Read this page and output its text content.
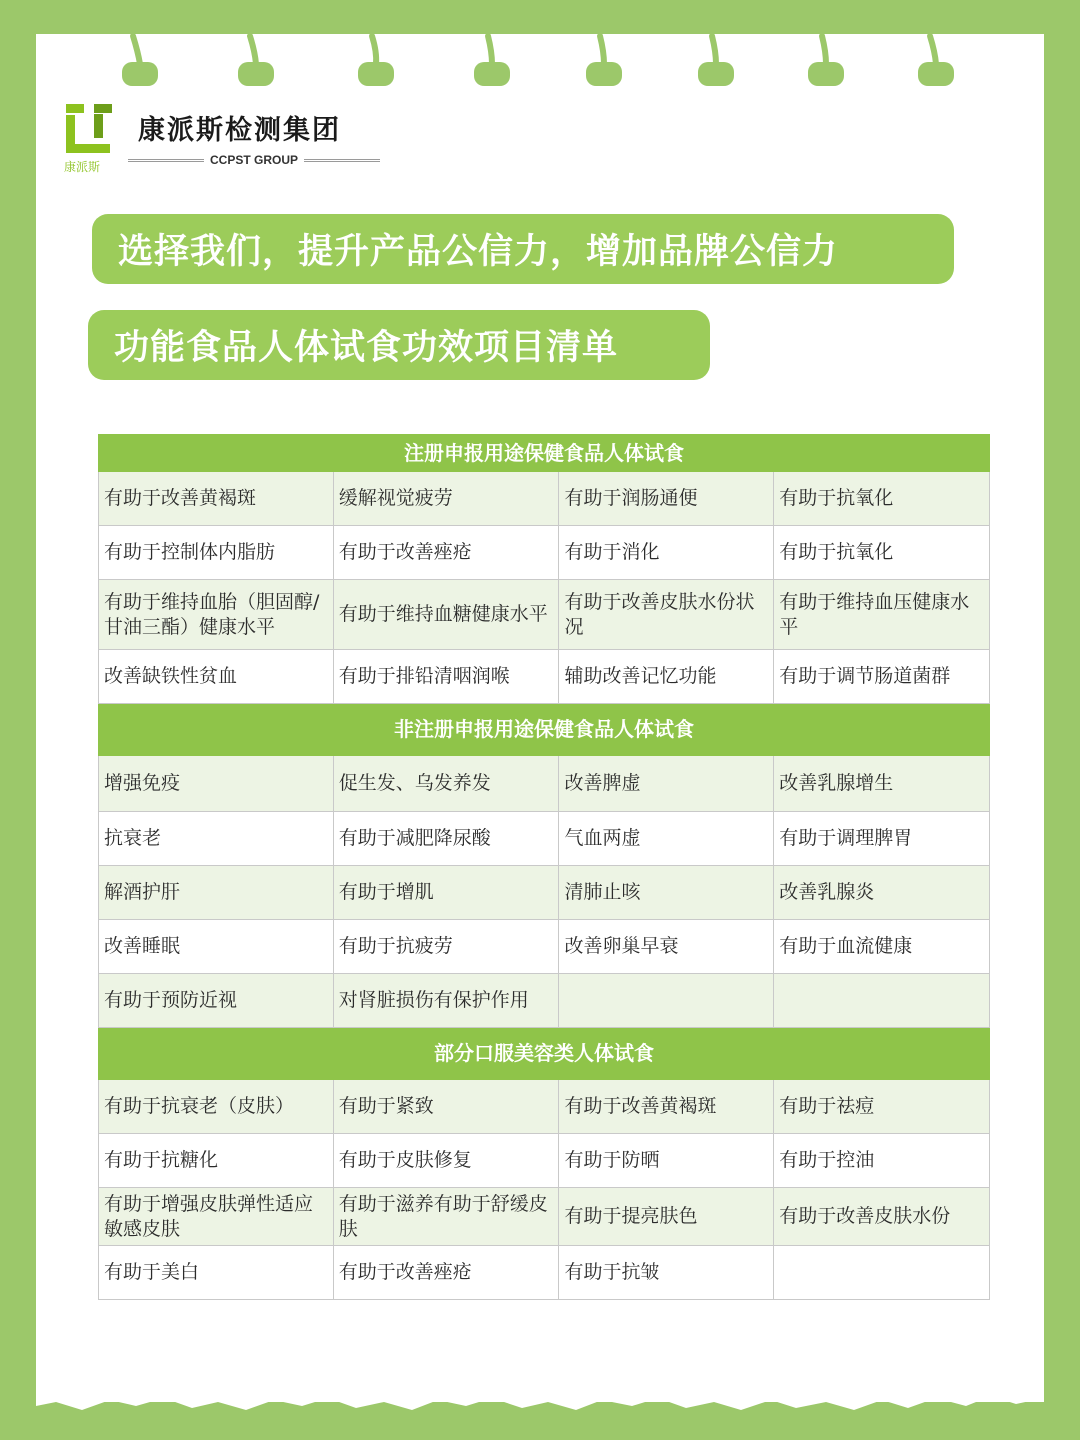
康派斯
康派斯检测集团
CCPST GROUP
选择我们，提升产品公信力，增加品牌公信力
功能食品人体试食功效项目清单
注册申报用途保健食品人体试食			
有助于改善黄褐斑	缓解视觉疲劳	有助于润肠通便	有助于抗氧化
有助于控制体内脂肪	有助于改善痤疮	有助于消化	有助于抗氧化
有助于维持血胎（胆固醇/甘油三酯）健康水平	有助于维持血糖健康水平	有助于改善皮肤水份状况	有助于维持血压健康水平
改善缺铁性贫血	有助于排铅清咽润喉	辅助改善记忆功能	有助于调节肠道菌群
非注册申报用途保健食品人体试食			
增强免疫	促生发、乌发养发	改善脾虚	改善乳腺增生
抗衰老	有助于减肥降尿酸	气血两虚	有助于调理脾胃
解酒护肝	有助于增肌	清肺止咳	改善乳腺炎
改善睡眠	有助于抗疲劳	改善卵巢早衰	有助于血流健康
有助于预防近视	对肾脏损伤有保护作用		
部分口服美容类人体试食			
有助于抗衰老（皮肤）	有助于紧致	有助于改善黄褐斑	有助于祛痘
有助于抗糖化	有助于皮肤修复	有助于防晒	有助于控油
有助于增强皮肤弹性适应敏感皮肤	有助于滋养有助于舒缓皮肤	有助于提亮肤色	有助于改善皮肤水份
有助于美白	有助于改善痤疮	有助于抗皱	
